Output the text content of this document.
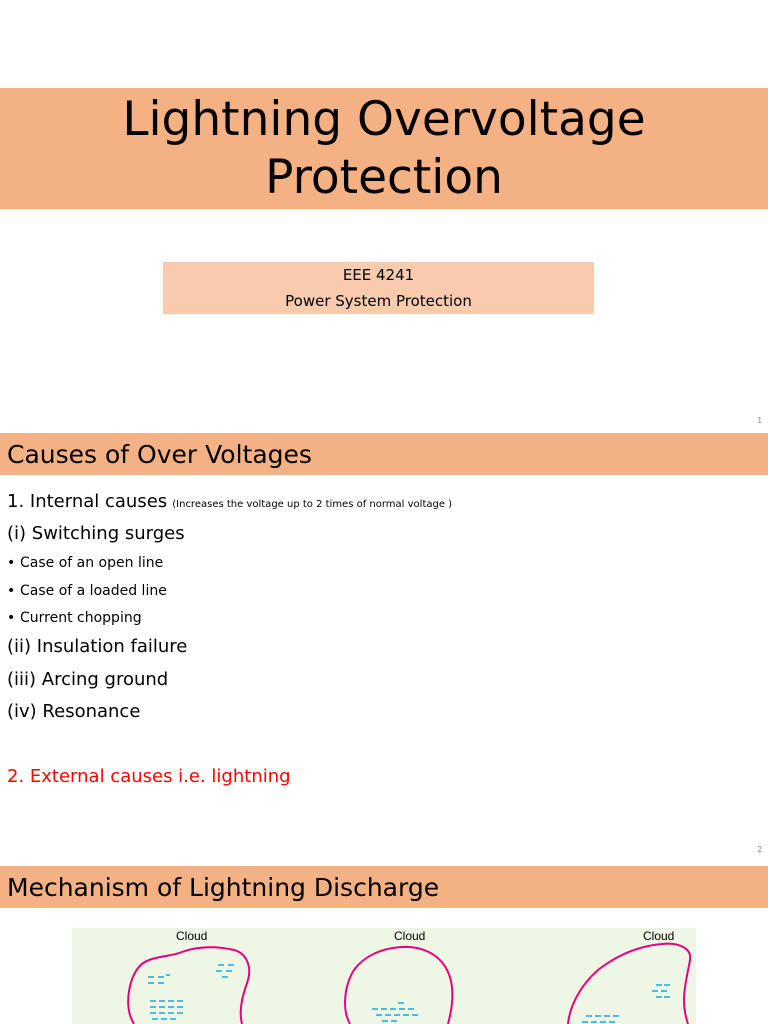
Lightning Overvoltage
Protection
EEE 4241
Power System Protection
1
Causes of Over Voltages
1. Internal causes (Increases the voltage up to 2 times of normal voltage )
(i) Switching surges
• Case of an open line
• Case of a loaded line
• Current chopping
(ii) Insulation failure
(iii) Arcing ground
(iv) Resonance
2. External causes i.e. lightning
2
Mechanism of Lightning Discharge
Cloud	Cloud	Cloud
